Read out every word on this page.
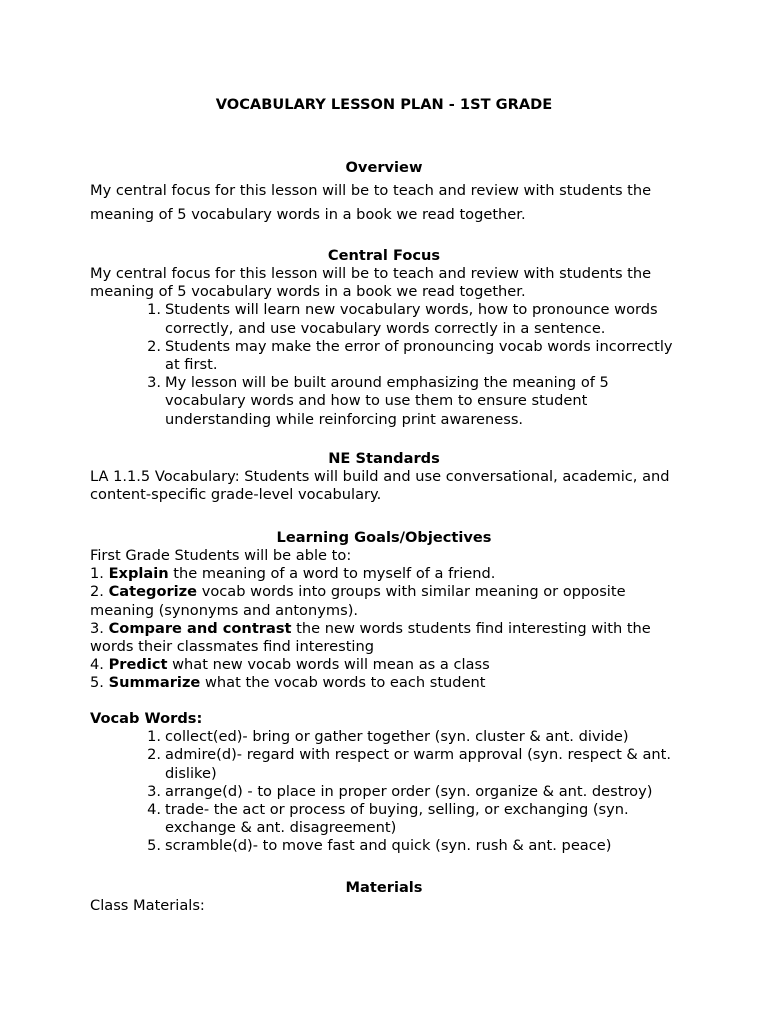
VOCABULARY LESSON PLAN - 1ST GRADE
Overview
My central focus for this lesson will be to teach and review with students the meaning of 5 vocabulary words in a book we read together.
Central Focus
My central focus for this lesson will be to teach and review with students the meaning of 5 vocabulary words in a book we read together.
1. Students will learn new vocabulary words, how to pronounce words correctly, and use vocabulary words correctly in a sentence.
2. Students may make the error of pronouncing vocab words incorrectly at first.
3. My lesson will be built around emphasizing the meaning of 5 vocabulary words and how to use them to ensure student understanding while reinforcing print awareness.
NE Standards
LA 1.1.5 Vocabulary: Students will build and use conversational, academic, and content-specific grade-level vocabulary.
Learning Goals/Objectives
First Grade Students will be able to:
1. Explain the meaning of a word to myself of a friend.
2. Categorize vocab words into groups with similar meaning or opposite meaning (synonyms and antonyms).
3. Compare and contrast the new words students find interesting with the words their classmates find interesting
4. Predict what new vocab words will mean as a class
5. Summarize what the vocab words to each student
Vocab Words:
1. collect(ed)- bring or gather together (syn. cluster & ant. divide)
2. admire(d)- regard with respect or warm approval (syn. respect & ant. dislike)
3. arrange(d) - to place in proper order (syn. organize & ant. destroy)
4. trade- the act or process of buying, selling, or exchanging (syn. exchange & ant. disagreement)
5. scramble(d)- to move fast and quick (syn. rush & ant. peace)
Materials
Class Materials:
